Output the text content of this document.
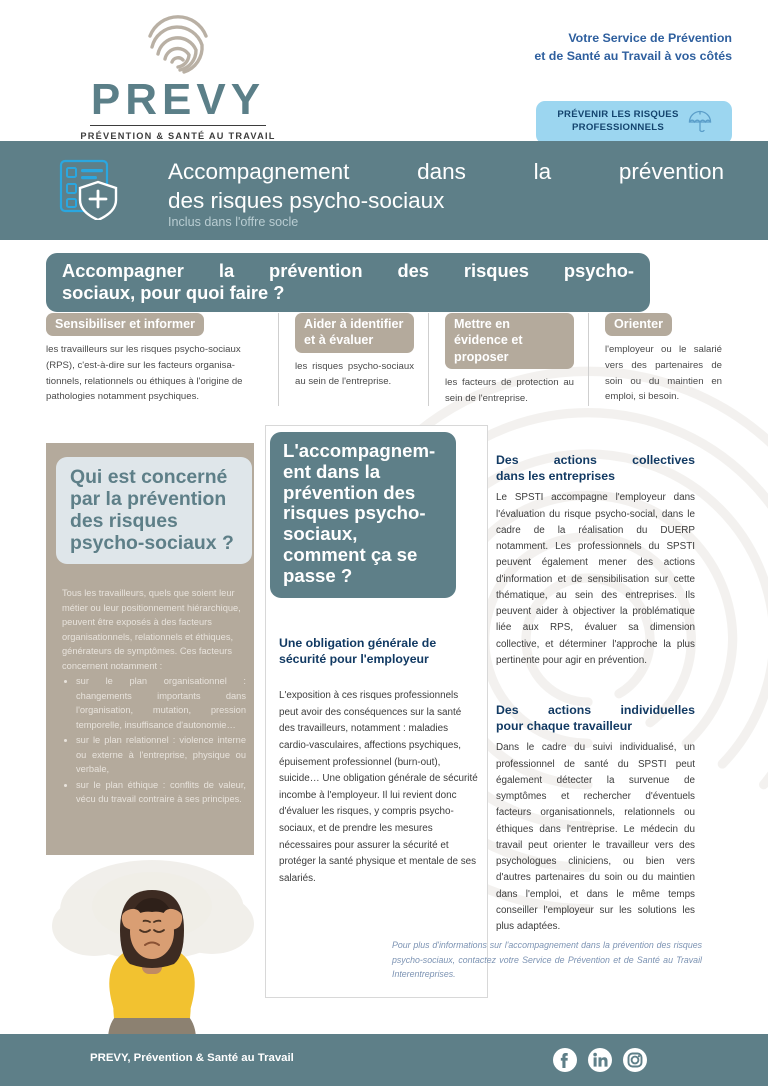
PREVY
PRÉVENTION & SANTÉ AU TRAVAIL
Votre Service de Prévention
et de Santé au Travail à vos côtés
PRÉVENIR LES RISQUES
PROFESSIONNELS
Accompagnement dans la prévention
des risques psycho-sociaux
Inclus dans l'offre socle
Accompagner la prévention des risques psycho-
sociaux, pour quoi faire ?
Sensibiliser et informer
les travailleurs sur les risques psycho-sociaux (RPS), c'est-à-dire sur les facteurs organisa- tionnels, relationnels ou éthiques à l'origine de pathologies notamment psychiques.
Aider à identifier et à évaluer
les risques psycho-sociaux au sein de l'entreprise.
Mettre en évidence et proposer
les facteurs de protection au sein de l'entreprise.
Orienter
l'employeur ou le salarié vers des partenaires de soin ou du maintien en emploi, si besoin.
Qui est concerné par la prévention des risques psycho-sociaux ?
Tous les travailleurs, quels que soient leur métier ou leur positionnement hiérarchique, peuvent être exposés à des facteurs organisationnels, relationnels et éthiques, générateurs de symptômes. Ces facteurs concernent notamment :
• sur le plan organisationnel : changements importants dans l'organisation, mutation, pression temporelle, insuffisance d'autonomie…
• sur le plan relationnel : violence interne ou externe à l'entreprise, physique ou verbale,
• sur le plan éthique : conflits de valeur, vécu du travail contraire à ses principes.
L'accompagnem-ent dans la prévention des risques psycho-sociaux, comment ça se passe ?
Une obligation générale de sécurité pour l'employeur
L'exposition à ces risques professionnels peut avoir des conséquences sur la santé des travailleurs, notamment : maladies cardio-vasculaires, affections psychiques, épuisement professionnel (burn-out), suicide… Une obligation générale de sécurité incombe à l'employeur. Il lui revient donc d'évaluer les risques, y compris psycho-sociaux, et de prendre les mesures nécessaires pour assurer la sécurité et protéger la santé physique et mentale de ses salariés.
Des actions collectives
dans les entreprises
Le SPSTI accompagne l'employeur dans l'évaluation du risque psycho-social, dans le cadre de la réalisation du DUERP notamment. Les professionnels du SPSTI peuvent également mener des actions d'information et de sensibilisation sur cette thématique, au sein des entreprises. Ils peuvent aider à objectiver la problématique liée aux RPS, évaluer sa dimension collective, et déterminer l'approche la plus pertinente pour agir en prévention.
Des actions individuelles
pour chaque travailleur
Dans le cadre du suivi individualisé, un professionnel de santé du SPSTI peut également détecter la survenue de symptômes et rechercher d'éventuels facteurs organisationnels, relationnels ou éthiques dans l'entreprise. Le médecin du travail peut orienter le travailleur vers des psychologues cliniciens, ou bien vers d'autres partenaires du soin ou du maintien dans l'emploi, et dans le même temps conseiller l'employeur sur les solutions les plus adaptées.
Pour plus d'informations sur l'accompagnement dans la prévention des risques psycho-sociaux, contactez votre Service de Prévention et de Santé au Travail Interentreprises.
PREVY, Prévention & Santé au Travail
